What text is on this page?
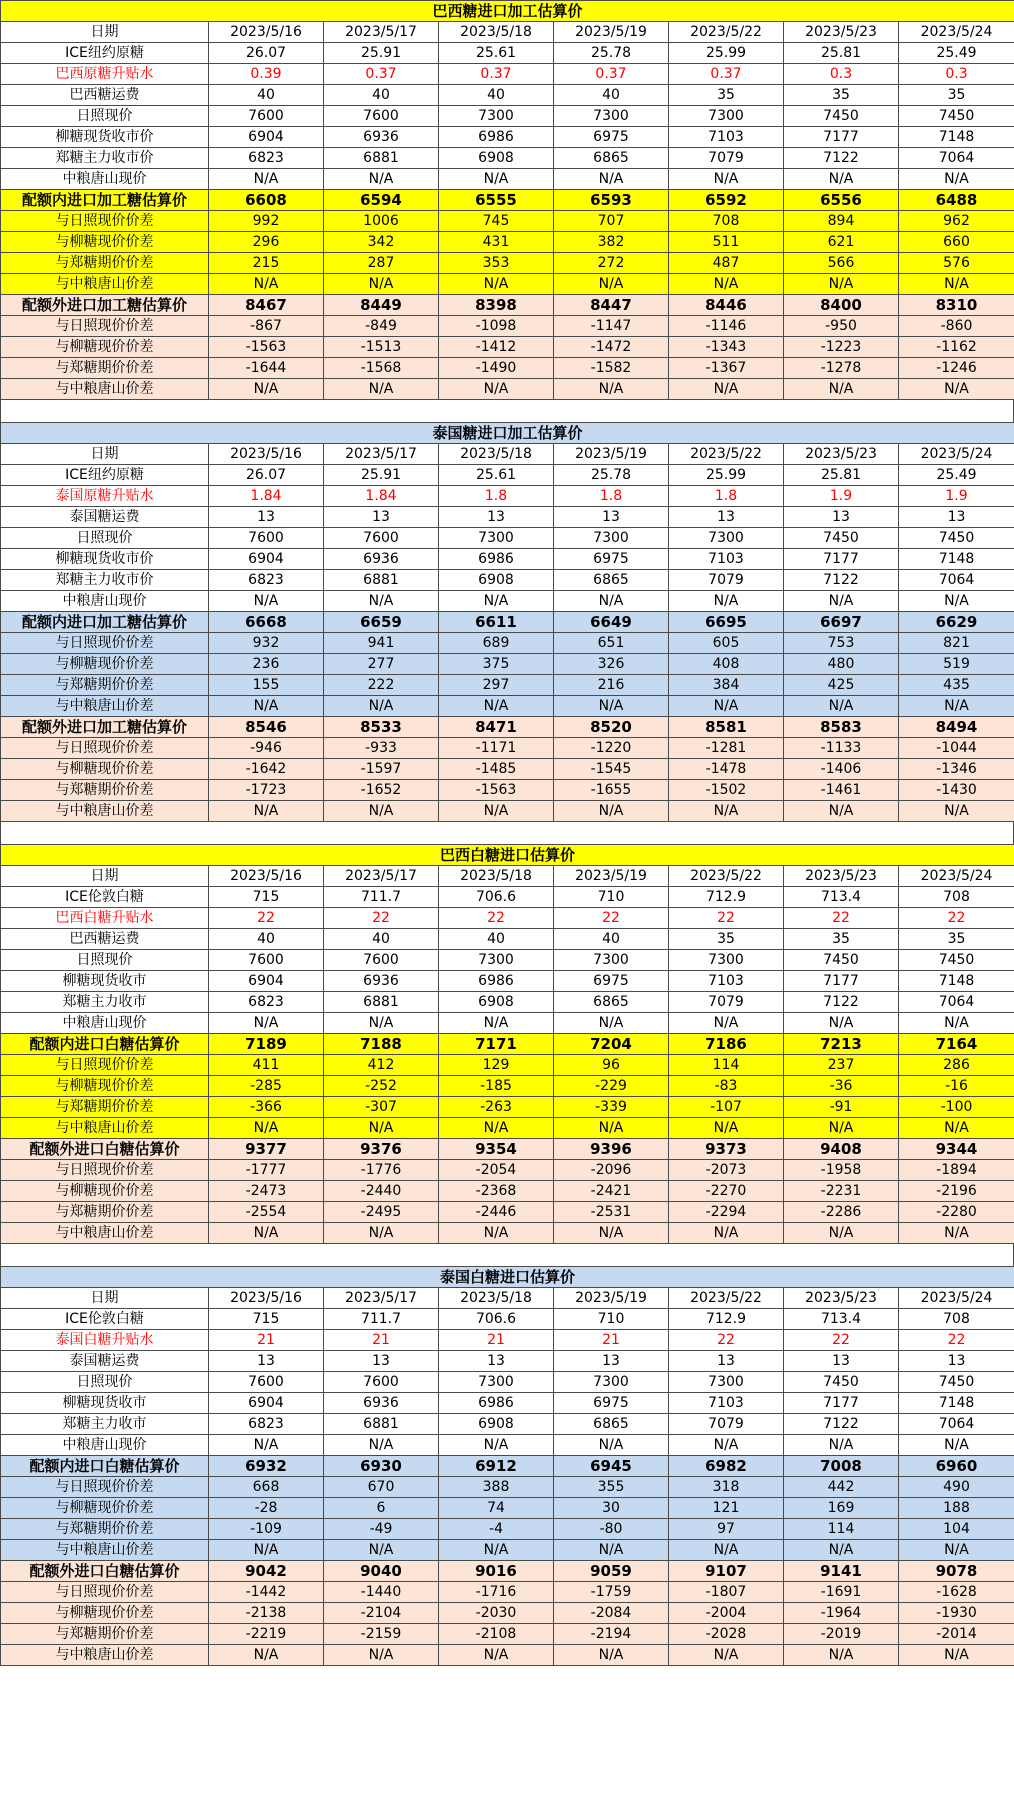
巴西糖进口加工估算价							
日期	2023/5/16	2023/5/17	2023/5/18	2023/5/19	2023/5/22	2023/5/23	2023/5/24
ICE纽约原糖	26.07	25.91	25.61	25.78	25.99	25.81	25.49
巴西原糖升贴水	0.39	0.37	0.37	0.37	0.37	0.3	0.3
巴西糖运费	40	40	40	40	35	35	35
日照现价	7600	7600	7300	7300	7300	7450	7450
柳糖现货收市价	6904	6936	6986	6975	7103	7177	7148
郑糖主力收市价	6823	6881	6908	6865	7079	7122	7064
中粮唐山现价	N/A	N/A	N/A	N/A	N/A	N/A	N/A
配额内进口加工糖估算价	6608	6594	6555	6593	6592	6556	6488
与日照现价价差	992	1006	745	707	708	894	962
与柳糖现价价差	296	342	431	382	511	621	660
与郑糖期价价差	215	287	353	272	487	566	576
与中粮唐山价差	N/A	N/A	N/A	N/A	N/A	N/A	N/A
配额外进口加工糖估算价	8467	8449	8398	8447	8446	8400	8310
与日照现价价差	-867	-849	-1098	-1147	-1146	-950	-860
与柳糖现价价差	-1563	-1513	-1412	-1472	-1343	-1223	-1162
与郑糖期价价差	-1644	-1568	-1490	-1582	-1367	-1278	-1246
与中粮唐山价差	N/A	N/A	N/A	N/A	N/A	N/A	N/A
泰国糖进口加工估算价							
日期	2023/5/16	2023/5/17	2023/5/18	2023/5/19	2023/5/22	2023/5/23	2023/5/24
ICE纽约原糖	26.07	25.91	25.61	25.78	25.99	25.81	25.49
泰国原糖升贴水	1.84	1.84	1.8	1.8	1.8	1.9	1.9
泰国糖运费	13	13	13	13	13	13	13
日照现价	7600	7600	7300	7300	7300	7450	7450
柳糖现货收市价	6904	6936	6986	6975	7103	7177	7148
郑糖主力收市价	6823	6881	6908	6865	7079	7122	7064
中粮唐山现价	N/A	N/A	N/A	N/A	N/A	N/A	N/A
配额内进口加工糖估算价	6668	6659	6611	6649	6695	6697	6629
与日照现价价差	932	941	689	651	605	753	821
与柳糖现价价差	236	277	375	326	408	480	519
与郑糖期价价差	155	222	297	216	384	425	435
与中粮唐山价差	N/A	N/A	N/A	N/A	N/A	N/A	N/A
配额外进口加工糖估算价	8546	8533	8471	8520	8581	8583	8494
与日照现价价差	-946	-933	-1171	-1220	-1281	-1133	-1044
与柳糖现价价差	-1642	-1597	-1485	-1545	-1478	-1406	-1346
与郑糖期价价差	-1723	-1652	-1563	-1655	-1502	-1461	-1430
与中粮唐山价差	N/A	N/A	N/A	N/A	N/A	N/A	N/A
巴西白糖进口估算价							
日期	2023/5/16	2023/5/17	2023/5/18	2023/5/19	2023/5/22	2023/5/23	2023/5/24
ICE伦敦白糖	715	711.7	706.6	710	712.9	713.4	708
巴西白糖升贴水	22	22	22	22	22	22	22
巴西糖运费	40	40	40	40	35	35	35
日照现价	7600	7600	7300	7300	7300	7450	7450
柳糖现货收市	6904	6936	6986	6975	7103	7177	7148
郑糖主力收市	6823	6881	6908	6865	7079	7122	7064
中粮唐山现价	N/A	N/A	N/A	N/A	N/A	N/A	N/A
配额内进口白糖估算价	7189	7188	7171	7204	7186	7213	7164
与日照现价价差	411	412	129	96	114	237	286
与柳糖现价价差	-285	-252	-185	-229	-83	-36	-16
与郑糖期价价差	-366	-307	-263	-339	-107	-91	-100
与中粮唐山价差	N/A	N/A	N/A	N/A	N/A	N/A	N/A
配额外进口白糖估算价	9377	9376	9354	9396	9373	9408	9344
与日照现价价差	-1777	-1776	-2054	-2096	-2073	-1958	-1894
与柳糖现价价差	-2473	-2440	-2368	-2421	-2270	-2231	-2196
与郑糖期价价差	-2554	-2495	-2446	-2531	-2294	-2286	-2280
与中粮唐山价差	N/A	N/A	N/A	N/A	N/A	N/A	N/A
泰国白糖进口估算价							
日期	2023/5/16	2023/5/17	2023/5/18	2023/5/19	2023/5/22	2023/5/23	2023/5/24
ICE伦敦白糖	715	711.7	706.6	710	712.9	713.4	708
泰国白糖升贴水	21	21	21	21	22	22	22
泰国糖运费	13	13	13	13	13	13	13
日照现价	7600	7600	7300	7300	7300	7450	7450
柳糖现货收市	6904	6936	6986	6975	7103	7177	7148
郑糖主力收市	6823	6881	6908	6865	7079	7122	7064
中粮唐山现价	N/A	N/A	N/A	N/A	N/A	N/A	N/A
配额内进口白糖估算价	6932	6930	6912	6945	6982	7008	6960
与日照现价价差	668	670	388	355	318	442	490
与柳糖现价价差	-28	6	74	30	121	169	188
与郑糖期价价差	-109	-49	-4	-80	97	114	104
与中粮唐山价差	N/A	N/A	N/A	N/A	N/A	N/A	N/A
配额外进口白糖估算价	9042	9040	9016	9059	9107	9141	9078
与日照现价价差	-1442	-1440	-1716	-1759	-1807	-1691	-1628
与柳糖现价价差	-2138	-2104	-2030	-2084	-2004	-1964	-1930
与郑糖期价价差	-2219	-2159	-2108	-2194	-2028	-2019	-2014
与中粮唐山价差	N/A	N/A	N/A	N/A	N/A	N/A	N/A
